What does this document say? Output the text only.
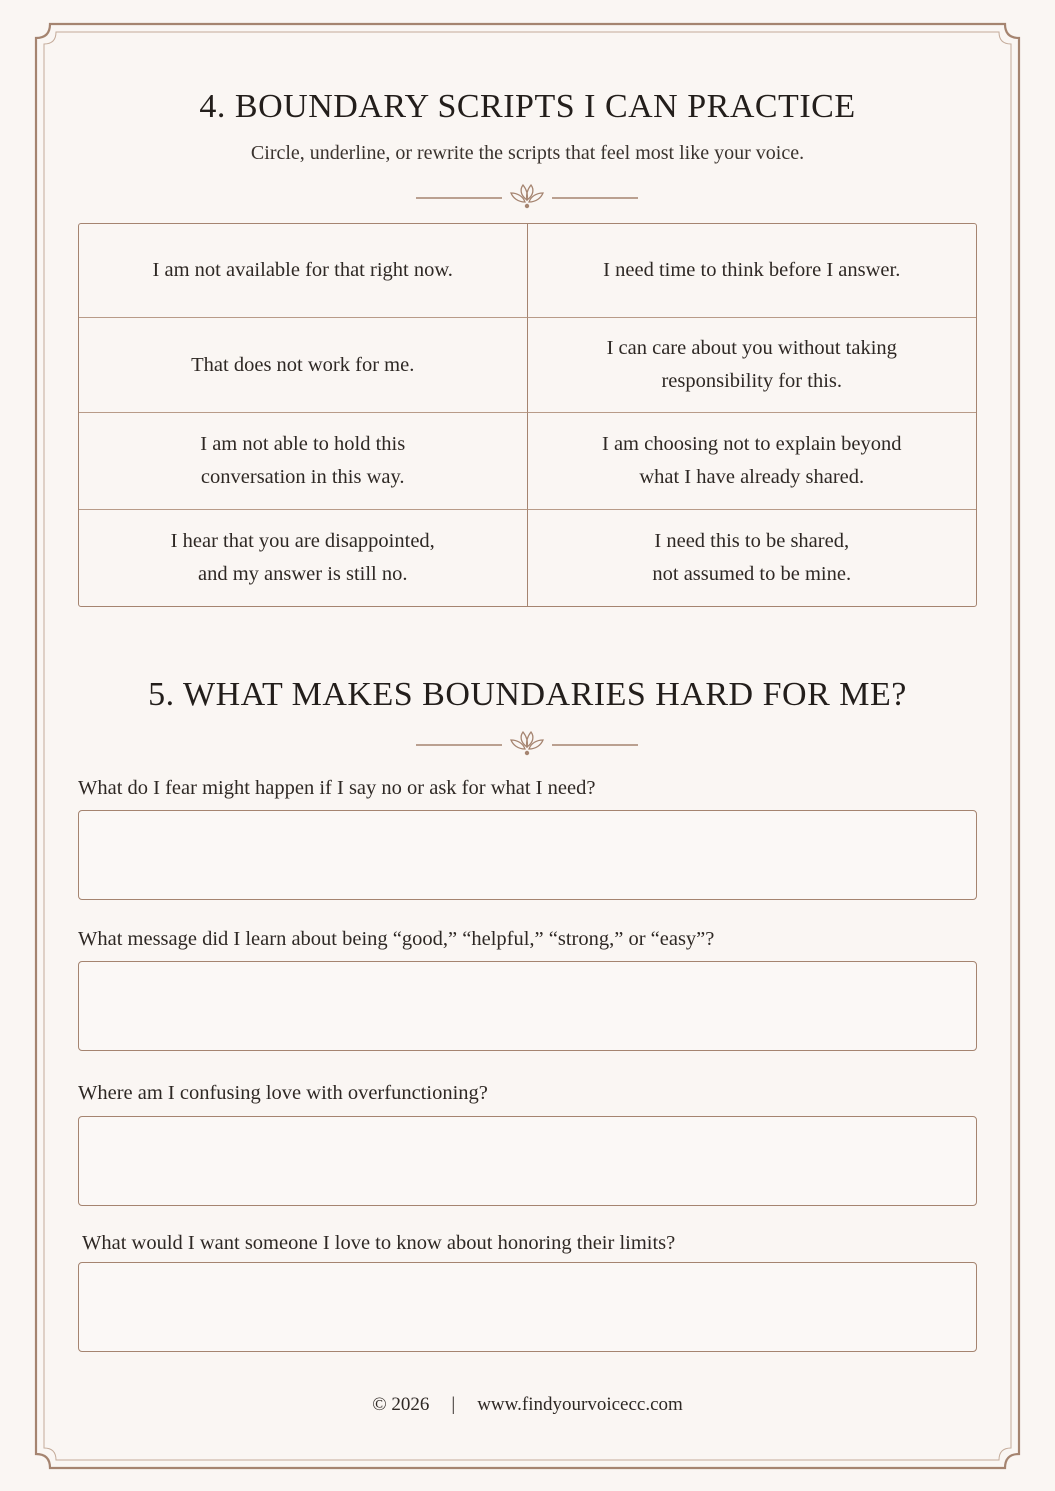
4. BOUNDARY SCRIPTS I CAN PRACTICE
Circle, underline, or rewrite the scripts that feel most like your voice.
I am not available for that right now.	I need time to think before I answer.
That does not work for me.
I can care about you without taking
responsibility for this.
I am not able to hold this
conversation in this way.
I am choosing not to explain beyond
what I have already shared.
I hear that you are disappointed,
and my answer is still no.
I need this to be shared,
not assumed to be mine.
5. WHAT MAKES BOUNDARIES HARD FOR ME?
What do I fear might happen if I say no or ask for what I need?
What message did I learn about being “good,” “helpful,” “strong,” or “easy”?
Where am I confusing love with overfunctioning?
What would I want someone I love to know about honoring their limits?
© 2026 | www.findyourvoicecc.com
